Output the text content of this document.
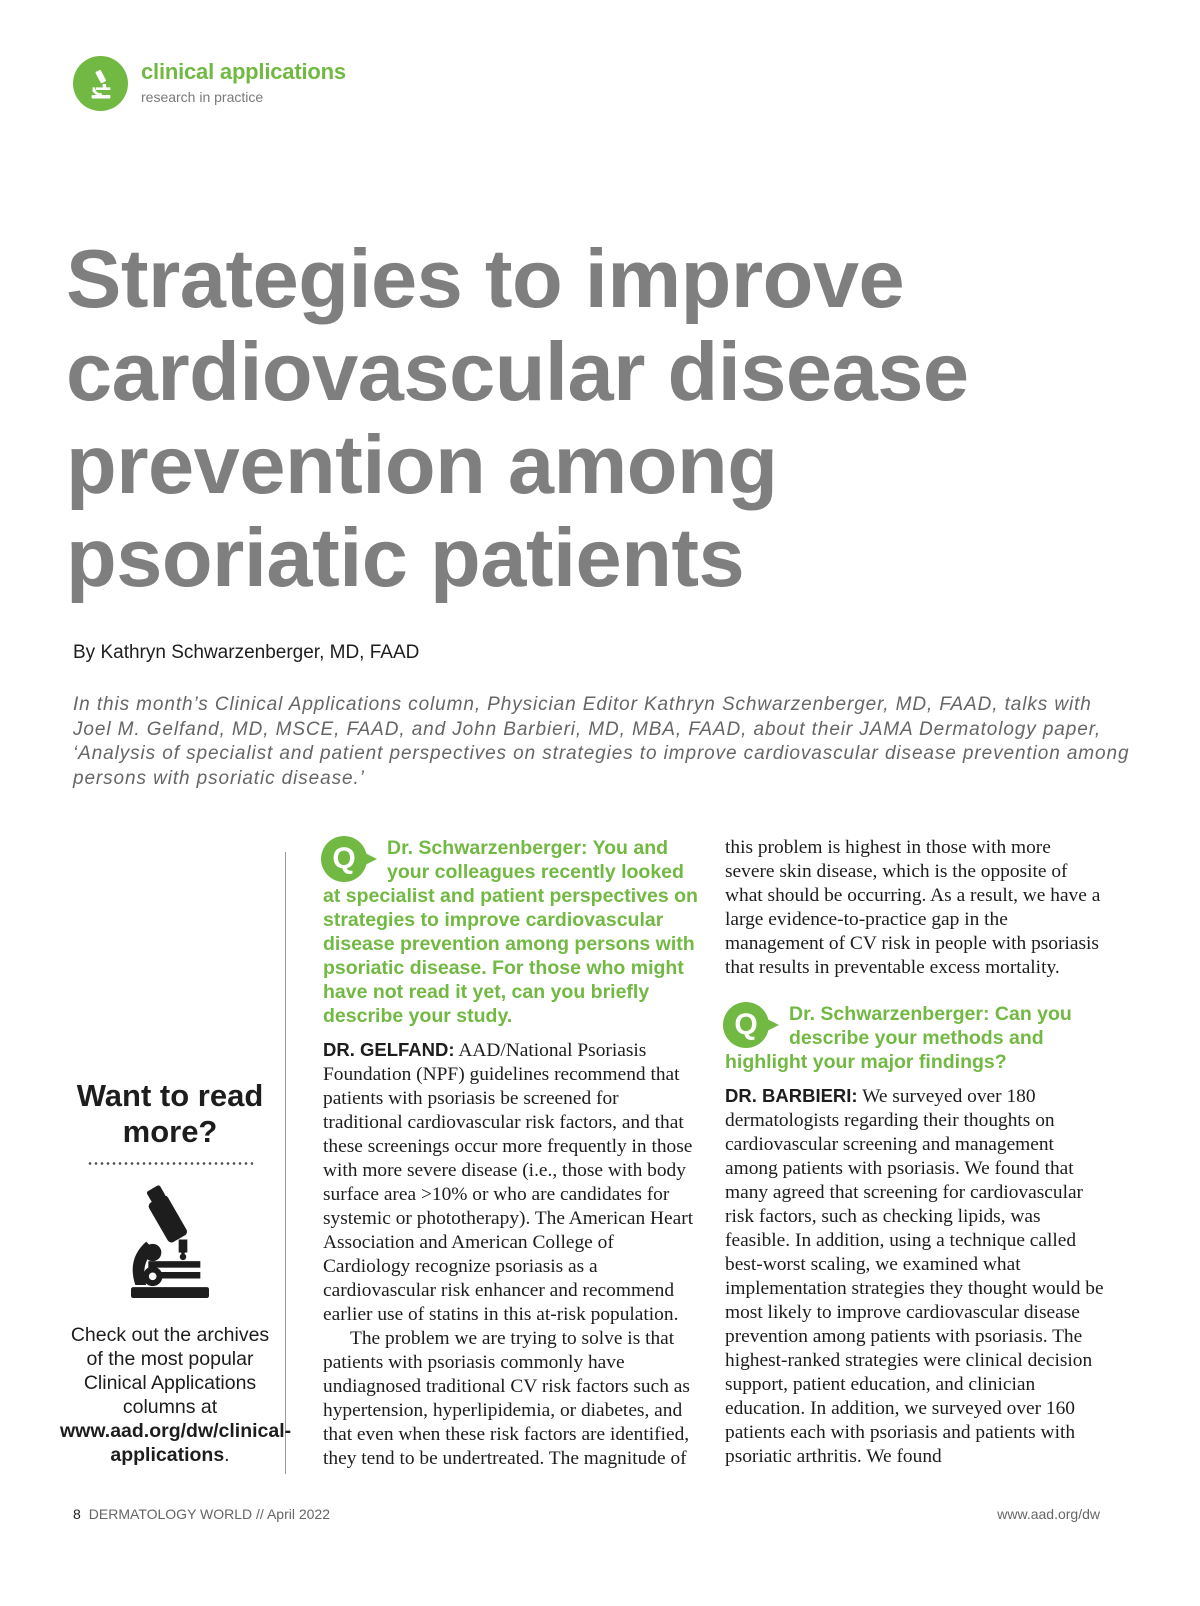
clinical applications
research in practice
Strategies to improve
cardiovascular disease
prevention among
psoriatic patients
By Kathryn Schwarzenberger, MD, FAAD

In this month’s Clinical Applications column, Physician Editor Kathryn Schwarzenberger, MD, FAAD, talks with Joel M. Gelfand, MD, MSCE, FAAD, and John Barbieri, MD, MBA, FAAD, about their JAMA Dermatology paper, ‘Analysis of specialist and patient perspectives on strategies to improve cardiovascular disease prevention among persons with psoriatic disease.’

Want to read more?

Check out the archives of the most popular Clinical Applications columns at www.aad.org/dw/clinical-applications.

Q	Dr. Schwarzenberger: You and your colleagues recently looked at specialist and patient perspectives on strategies to improve cardiovascular disease prevention among persons with psoriatic disease. For those who might have not read it yet, can you briefly describe your study.

DR. GELFAND: AAD/National Psoriasis Foundation (NPF) guidelines recommend that patients with psoriasis be screened for traditional cardiovascular risk factors, and that these screenings occur more frequently in those with more severe disease (i.e., those with body surface area >10% or who are candidates for systemic or phototherapy). The American Heart Association and American College of Cardiology recognize psoriasis as a cardiovascular risk enhancer and recommend earlier use of statins in this at-risk population.

The problem we are trying to solve is that patients with psoriasis commonly have undiagnosed traditional CV risk factors such as hypertension, hyperlipidemia, or diabetes, and that even when these risk factors are identified, they tend to be undertreated. The magnitude of

this problem is highest in those with more severe skin disease, which is the opposite of what should be occurring. As a result, we have a large evidence-to-practice gap in the management of CV risk in people with psoriasis that results in preventable excess mortality.

Q	Dr. Schwarzenberger: Can you describe your methods and highlight your major findings?

DR. BARBIERI: We surveyed over 180 dermatologists regarding their thoughts on cardiovascular screening and management among patients with psoriasis. We found that many agreed that screening for cardiovascular risk factors, such as checking lipids, was feasible. In addition, using a technique called best-worst scaling, we examined what implementation strategies they thought would be most likely to improve cardiovascular disease prevention among patients with psoriasis. The highest-ranked strategies were clinical decision support, patient education, and clinician education. In addition, we surveyed over 160 patients each with psoriasis and patients with psoriatic arthritis. We found

8 DERMATOLOGY WORLD // April 2022	www.aad.org/dw
